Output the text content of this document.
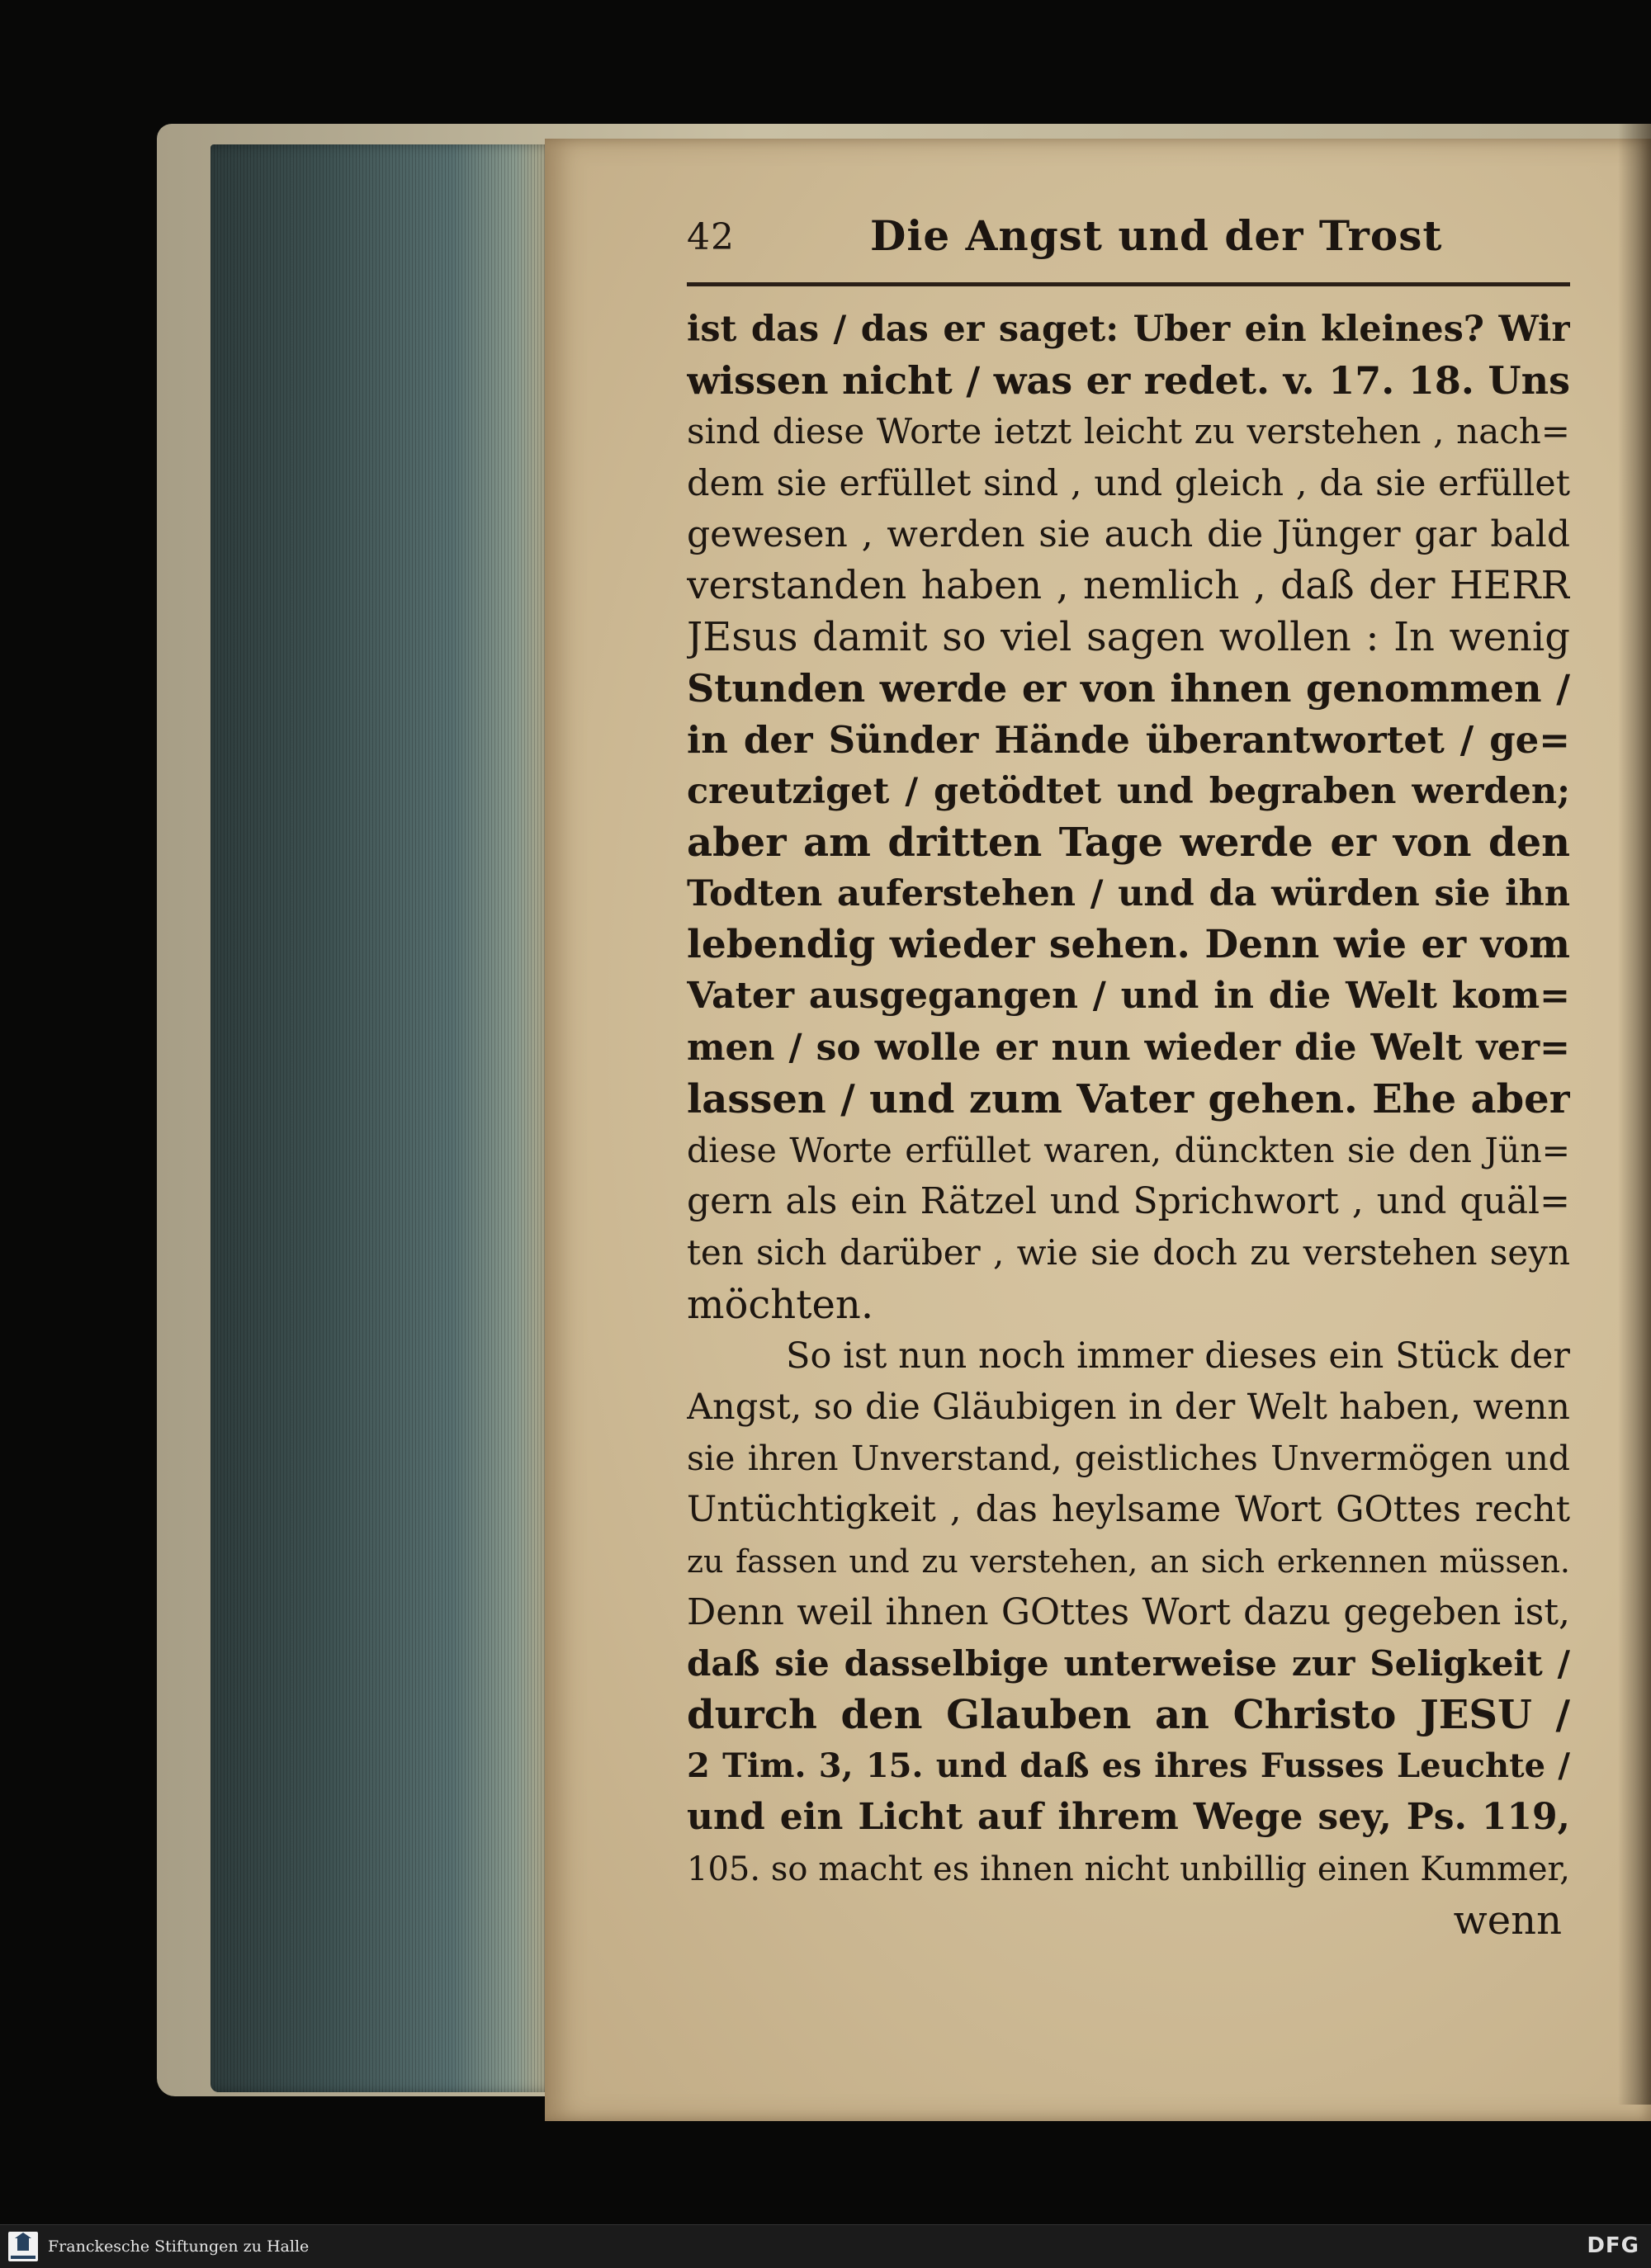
42	Die Angst und der Trost
ist das / das er saget: Uber ein kleines? Wir
wissen nicht / was er redet. v. 17. 18. Uns
sind diese Worte ietzt leicht zu verstehen , nach=
dem sie erfüllet sind , und gleich , da sie erfüllet
gewesen , werden sie auch die Jünger gar bald
verstanden haben , nemlich , daß der HERR
JEsus damit so viel sagen wollen : In wenig
Stunden werde er von ihnen genommen /
in der Sünder Hände überantwortet / ge=
creutziget / getödtet und begraben werden;
aber am dritten Tage werde er von den
Todten auferstehen / und da würden sie ihn
lebendig wieder sehen. Denn wie er vom
Vater ausgegangen / und in die Welt kom=
men / so wolle er nun wieder die Welt ver=
lassen / und zum Vater gehen. Ehe aber
diese Worte erfüllet waren, dünckten sie den Jün=
gern als ein Rätzel und Sprichwort , und quäl=
ten sich darüber , wie sie doch zu verstehen seyn
möchten.
So ist nun noch immer dieses ein Stück der
Angst, so die Gläubigen in der Welt haben, wenn
sie ihren Unverstand, geistliches Unvermögen und
Untüchtigkeit , das heylsame Wort GOttes recht
zu fassen und zu verstehen, an sich erkennen müssen.
Denn weil ihnen GOttes Wort dazu gegeben ist,
daß sie dasselbige unterweise zur Seligkeit /
durch den Glauben an Christo JESU /
2 Tim. 3, 15. und daß es ihres Fusses Leuchte /
und ein Licht auf ihrem Wege sey, Ps. 119,
105. so macht es ihnen nicht unbillig einen Kummer,
wenn
Franckesche Stiftungen zu Halle	DFG
